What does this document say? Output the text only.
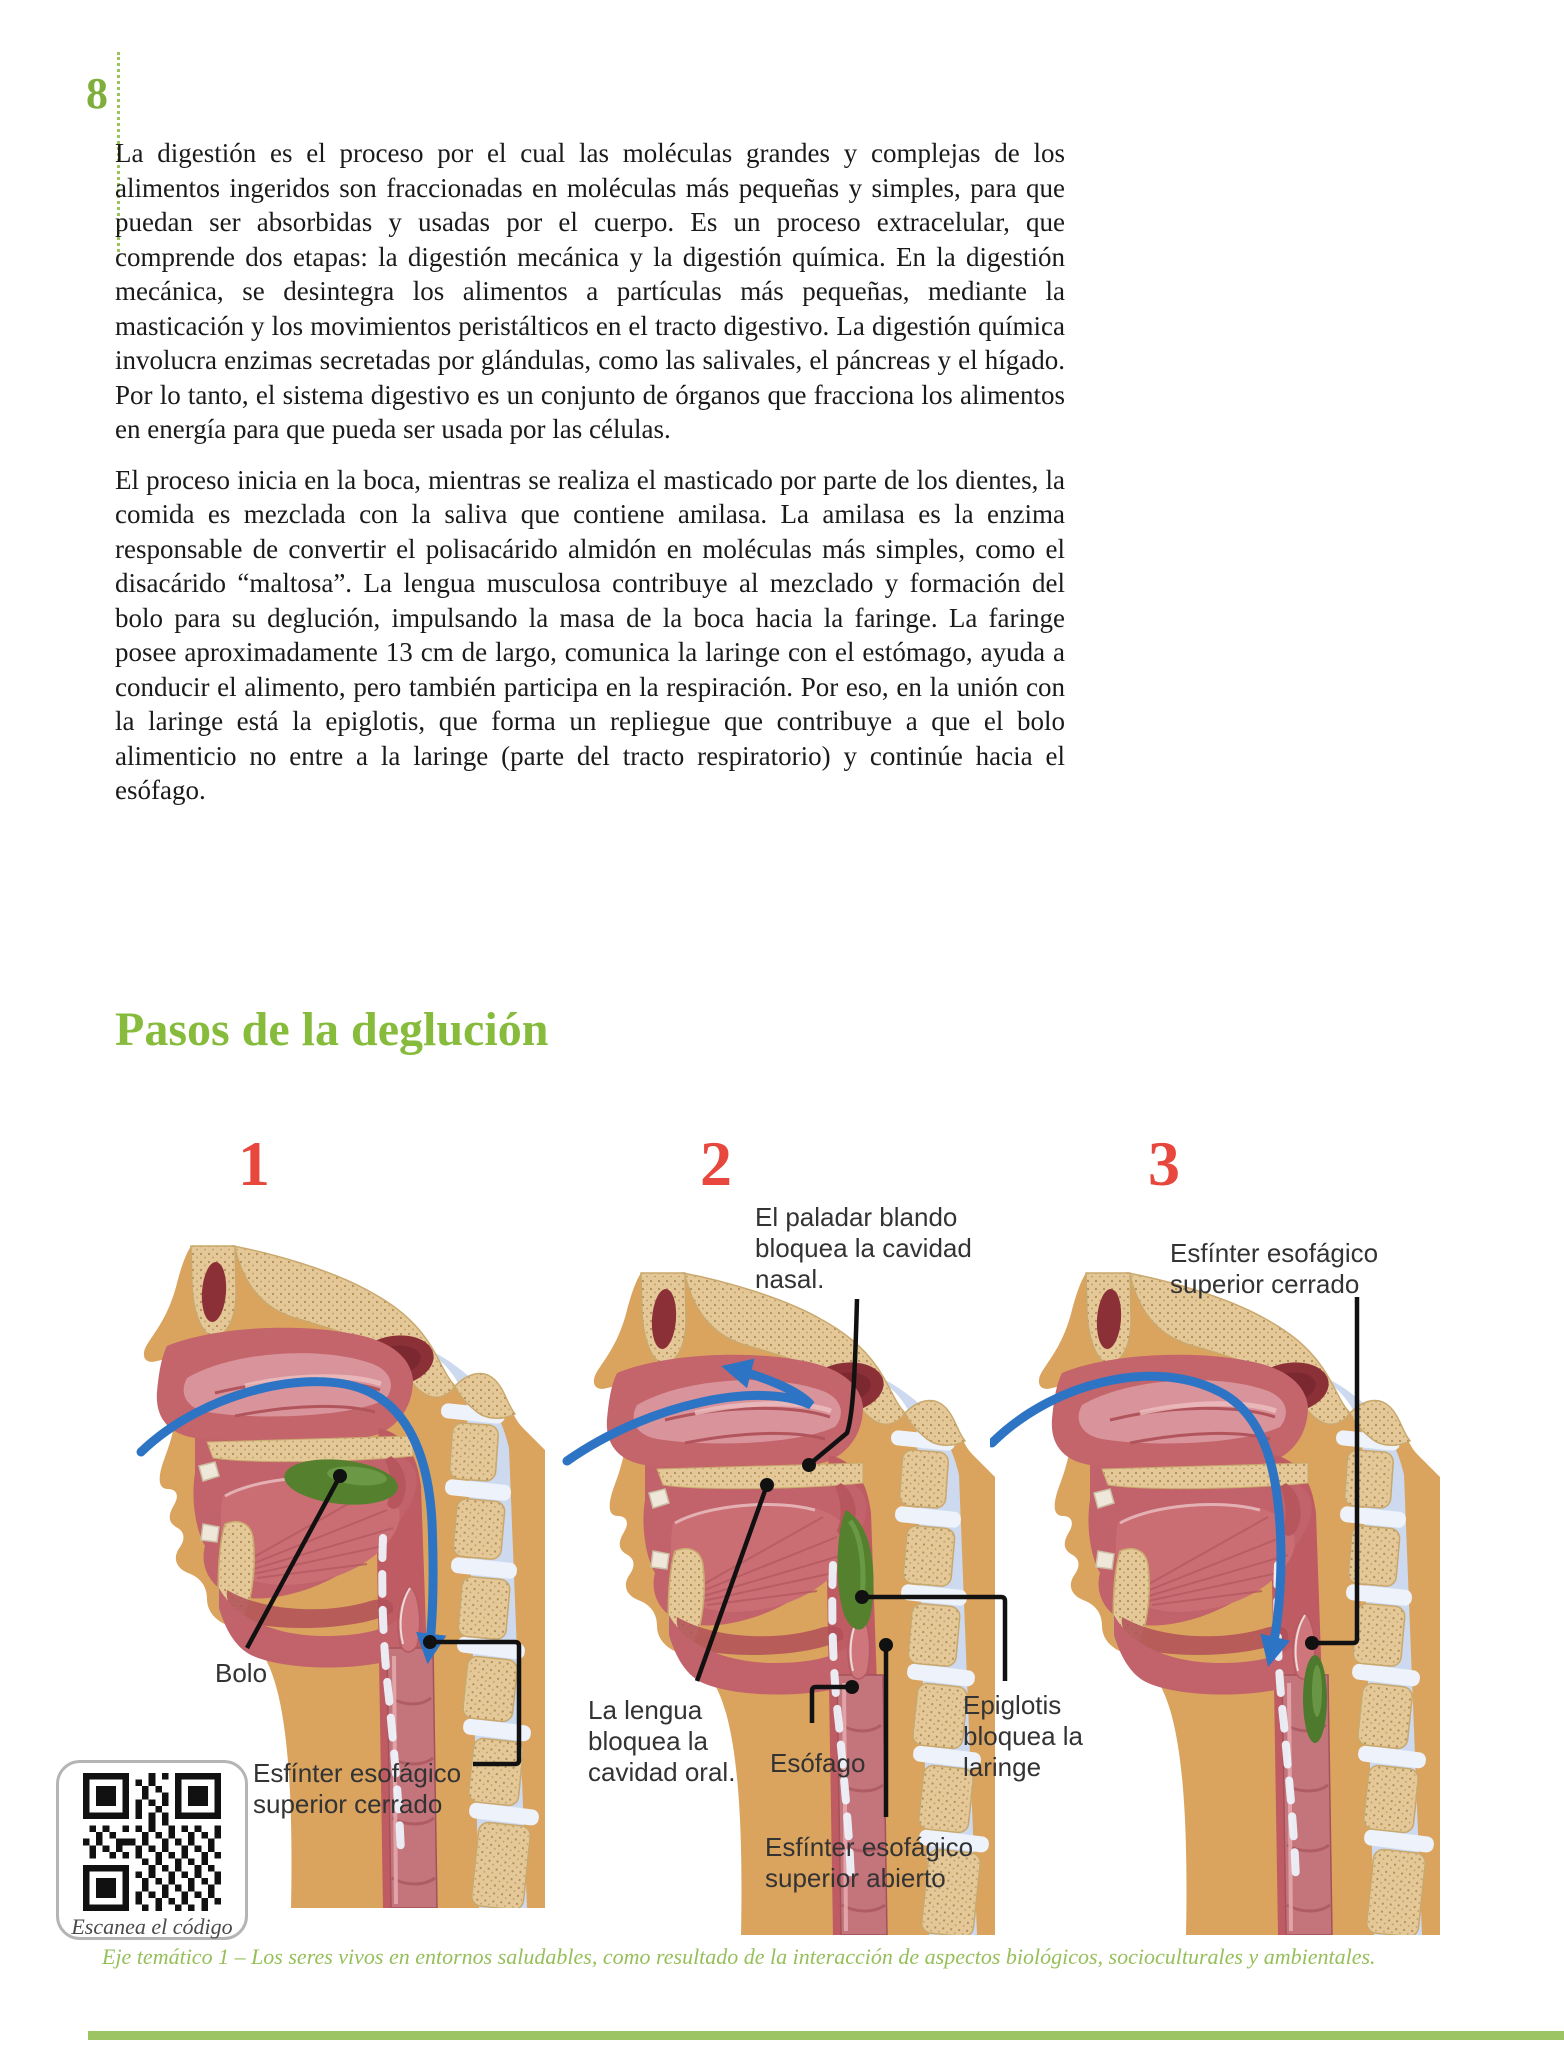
8

La digestión es el proceso por el cual las moléculas grandes y complejas de los alimentos ingeridos son fraccionadas en moléculas más pequeñas y simples, para que puedan ser absorbidas y usadas por el cuerpo. Es un proceso extracelular, que comprende dos etapas: la digestión mecánica y la digestión química. En la digestión mecánica, se desintegra los alimentos a partículas más pequeñas, mediante la masticación y los movimientos peristálticos en el tracto digestivo. La digestión química involucra enzimas secretadas por glándulas, como las salivales, el páncreas y el hígado. Por lo tanto, el sistema digestivo es un conjunto de órganos que fracciona los alimentos en energía para que pueda ser usada por las células.

El proceso inicia en la boca, mientras se realiza el masticado por parte de los dientes, la comida es mezclada con la saliva que contiene amilasa. La amilasa es la enzima responsable de convertir el polisacárido almidón en moléculas más simples, como el disacárido “maltosa”. La lengua musculosa contribuye al mezclado y formación del bolo para su deglución, impulsando la masa de la boca hacia la faringe. La faringe posee aproximadamente 13 cm de largo, comunica la laringe con el estómago, ayuda a conducir el alimento, pero también participa en la respiración. Por eso, en la unión con la laringe está la epiglotis, que forma un repliegue que contribuye a que el bolo alimenticio no entre a la laringe (parte del tracto respiratorio) y continúe hacia el esófago.

Pasos de la deglución
1	2	3
El paladar blando bloquea la cavidad nasal.
Esfínter esofágico superior cerrado
Bolo
La lengua bloquea la cavidad oral.
Epiglotis bloquea la laringe
Esófago
Esfínter esofágico superior cerrado
Esfínter esofágico superior abierto
Escanea el código
Eje temático 1 – Los seres vivos en entornos saludables, como resultado de la interacción de aspectos biológicos, socioculturales y ambientales.
